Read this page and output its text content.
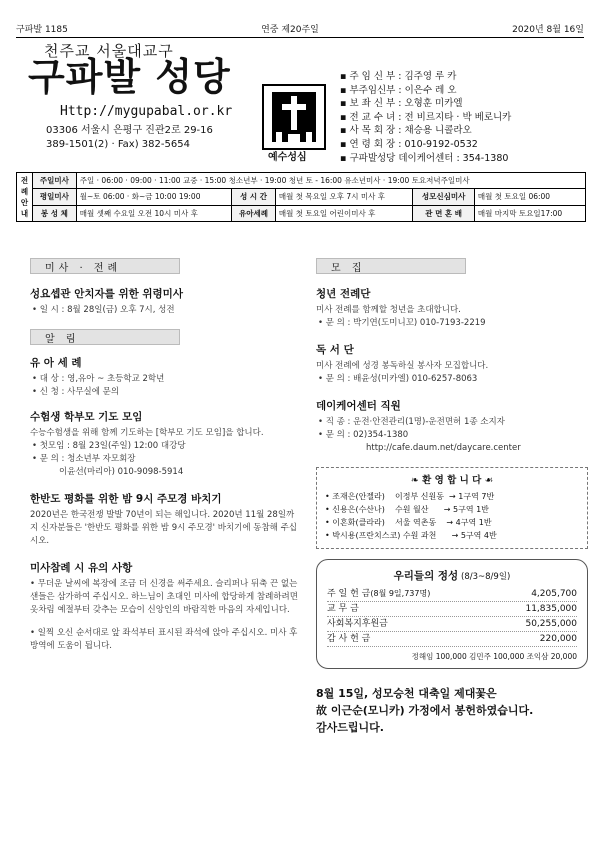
구파발 1185	연중 제20주일	2020년 8월 16일
천주교 서울대교구
구파발 성당
Http://mygupabal.or.kr
03306 서울시 은평구 진관2로 29-16
389-1501(2) · Fax) 382-5654
예수성심
▪ 주 임 신 부 : 김주영 루 카
▪ 부주임신부 : 이은수 레 오
▪ 보 좌 신 부 : 오형훈 미카엘
▪ 전 교 수 녀 : 전 비르지타 · 박 베로니카
▪ 사 목 회 장 : 채승용 니콜라오
▪ 연 령 회 장 : 010-9192-0532
▪ 구파발성당 데이케어센터 : 354-1380
전례안내	주일미사	주일 · 06:00 · 09:00 · 11:00 교중 · 15:00 청소년부 · 19:00 청년 토 - 16:00 유소년미사 · 19:00 토요저녁주일미사				
	평일미사	월~토 06:00 · 화~금 10:00 19:00	성 시 간	매월 첫 목요일 오후 7시 미사 후	성모신심미사	매월 첫 토요일 06:00
	봉 성 체	매월 셋째 수요일 오전 10시 미사 후	유아세례	매월 첫 토요일 어린이미사 후	관 면 혼 배	매월 마지막 토요일17:00
미사 · 전례
성요셉관 안치자를 위한 위령미사
• 일 시 : 8월 28일(금) 오후 7시, 성전
알 림
유 아 세 례
• 대 상 : 영,유아 ~ 초등학교 2학년
• 신 청 : 사무실에 문의
수험생 학부모 기도 모임
수능수험생을 위해 함께 기도하는 [학부모 기도 모임]을 합니다.
• 첫모임 : 8월 23일(주일) 12:00 대강당
• 문 의 : 청소년부 자모회장
이윤선(마리아) 010-9098-5914
한반도 평화를 위한 밤 9시 주모경 바치기
2020년은 한국전쟁 발발 70년이 되는 해입니다. 2020년 11월 28일까지 신자분들은 '한반도 평화를 위한 밤 9시 주모경' 바치기에 동참해 주십시오.
미사참례 시 유의 사항
• 무더운 날씨에 복장에 조금 더 신경을 써주세요. 슬리퍼나 뒤축 끈 없는 샌들은 삼가하여 주십시오. 하느님이 초대인 미사에 합당하게 참례하려면 옷차림 예절부터 갖추는 모습이 신앙인의 바람직한 마음의 자세입니다.
• 일찍 오신 순서대로 앞 좌석부터 표시된 좌석에 앉아 주십시오. 미사 후 방역에 도움이 됩니다.
모 집
청년 전례단
미사 전례를 함께할 청년을 초대합니다.
• 문 의 : 박기연(도미니꼬) 010-7193-2219
독 서 단
미사 전례에 성경 봉독하실 봉사자 모집합니다.
• 문 의 : 배윤성(미카엘) 010-6257-8063
데이케어센터 직원
• 직 종 : 운전·안전관리(1명)-운전면허 1종 소지자
• 문 의 : 02)354-1380
http://cafe.daum.net/daycare.center
❧ 환 영 합 니 다 ☙
• 조재은(안젤라)    이정부 신원동  → 1구역 7반
• 신용은(수산나)    수원 월산      → 5구역 1반
• 이혼화(클라라)    서울 역촌동    → 4구역 1반
• 박시용(프란치스코) 수원 과천      → 5구역 4반
우리들의 정성 (8/3~8/9일)
주 일 헌 금(8월 9일,737명)	4,205,700
교 무 금	11,835,000
사회복지후원금	50,255,000
감 사 헌 금	220,000
정해임 100,000 김민주 100,000 조익삼 20,000
8월 15일, 성모승천 대축일 제대꽃은
故 이근순(모니카) 가정에서 봉헌하였습니다.
감사드립니다.
